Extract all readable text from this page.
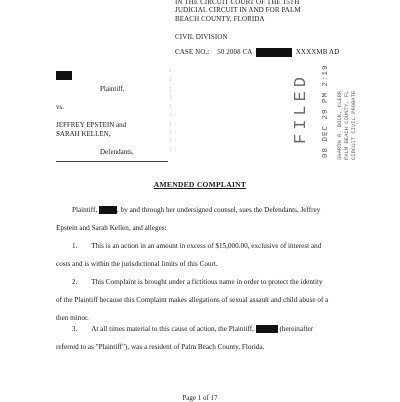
IN THE CIRCUIT COURT OF THE 15TH
JUDICIAL CIRCUIT IN AND FOR PALM
BEACH COUNTY, FLORIDA
CIVIL DIVISION
CASE NO.: 50 2008 CA	XXXXMB AD
Plaintiff,
vs.
JEFFREY EPSTEIN and
SARAH KELLEN,
Defendants.
:
:
:
:
:
:
:
:
:
:
FILED	08 DEC 29 PM 2:19 SHARON R. BOCK, CLERK PALM BEACH COUNTY, FL CIRCUIT CIVIL PROBATE
AMENDED COMPLAINT
Plaintiff,	, by and through her undersigned counsel, sues the Defendants, Jeffrey
Epstein and Sarah Kellen, and alleges:
1. This is an action in an amount in excess of $15,000.00, exclusive of interest and
costs and is within the jurisdictional limits of this Court.
2. This Complaint is brought under a fictitious name in order to protect the identity
of the Plaintiff because this Complaint makes allegations of sexual assault and child abuse of a
then minor.
3. At all times material to this cause of action, the Plaintiff,	(hereinafter
referred to as "Plaintiff"), was a resident of Palm Beach County, Florida.
Page 1 of 17
